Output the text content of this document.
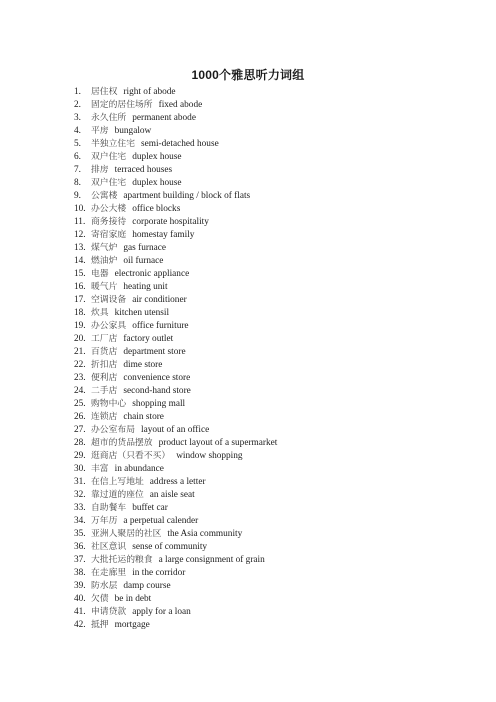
1000个雅思听力词组
1.	居住权 right of abode
2.	固定的居住场所 fixed abode
3.	永久住所 permanent abode
4.	平房 bungalow
5.	半独立住宅 semi-detached house
6.	双户住宅 duplex house
7.	排房 terraced houses
8.	双户住宅 duplex house
9.	公寓楼 apartment building / block of flats
10. 办公大楼 office blocks
11. 商务接待 corporate hospitality
12. 寄宿家庭 homestay family
13. 煤气炉 gas furnace
14. 燃油炉 oil furnace
15. 电器 electronic appliance
16. 暖气片 heating unit
17. 空调设备 air conditioner
18. 炊具 kitchen utensil
19. 办公家具 office furniture
20. 工厂店 factory outlet
21. 百货店 department store
22. 折扣店 dime store
23. 便利店 convenience store
24. 二手店 second-hand store
25. 购物中心 shopping mall
26. 连锁店 chain store
27. 办公室布局 layout of an office
28. 超市的货品摆放 product layout of a supermarket
29. 逛商店（只看不买） window shopping
30. 丰富 in abundance
31. 在信上写地址 address a letter
32. 靠过道的座位 an aisle seat
33. 自助餐车 buffet car
34. 万年历 a perpetual calender
35. 亚洲人聚居的社区 the Asia community
36. 社区意识 sense of community
37. 大批托运的粮食 a large consignment of grain
38. 在走廊里 in the corridor
39. 防水层 damp course
40. 欠债 be in debt
41. 申请贷款 apply for a loan
42. 抵押 mortgage
